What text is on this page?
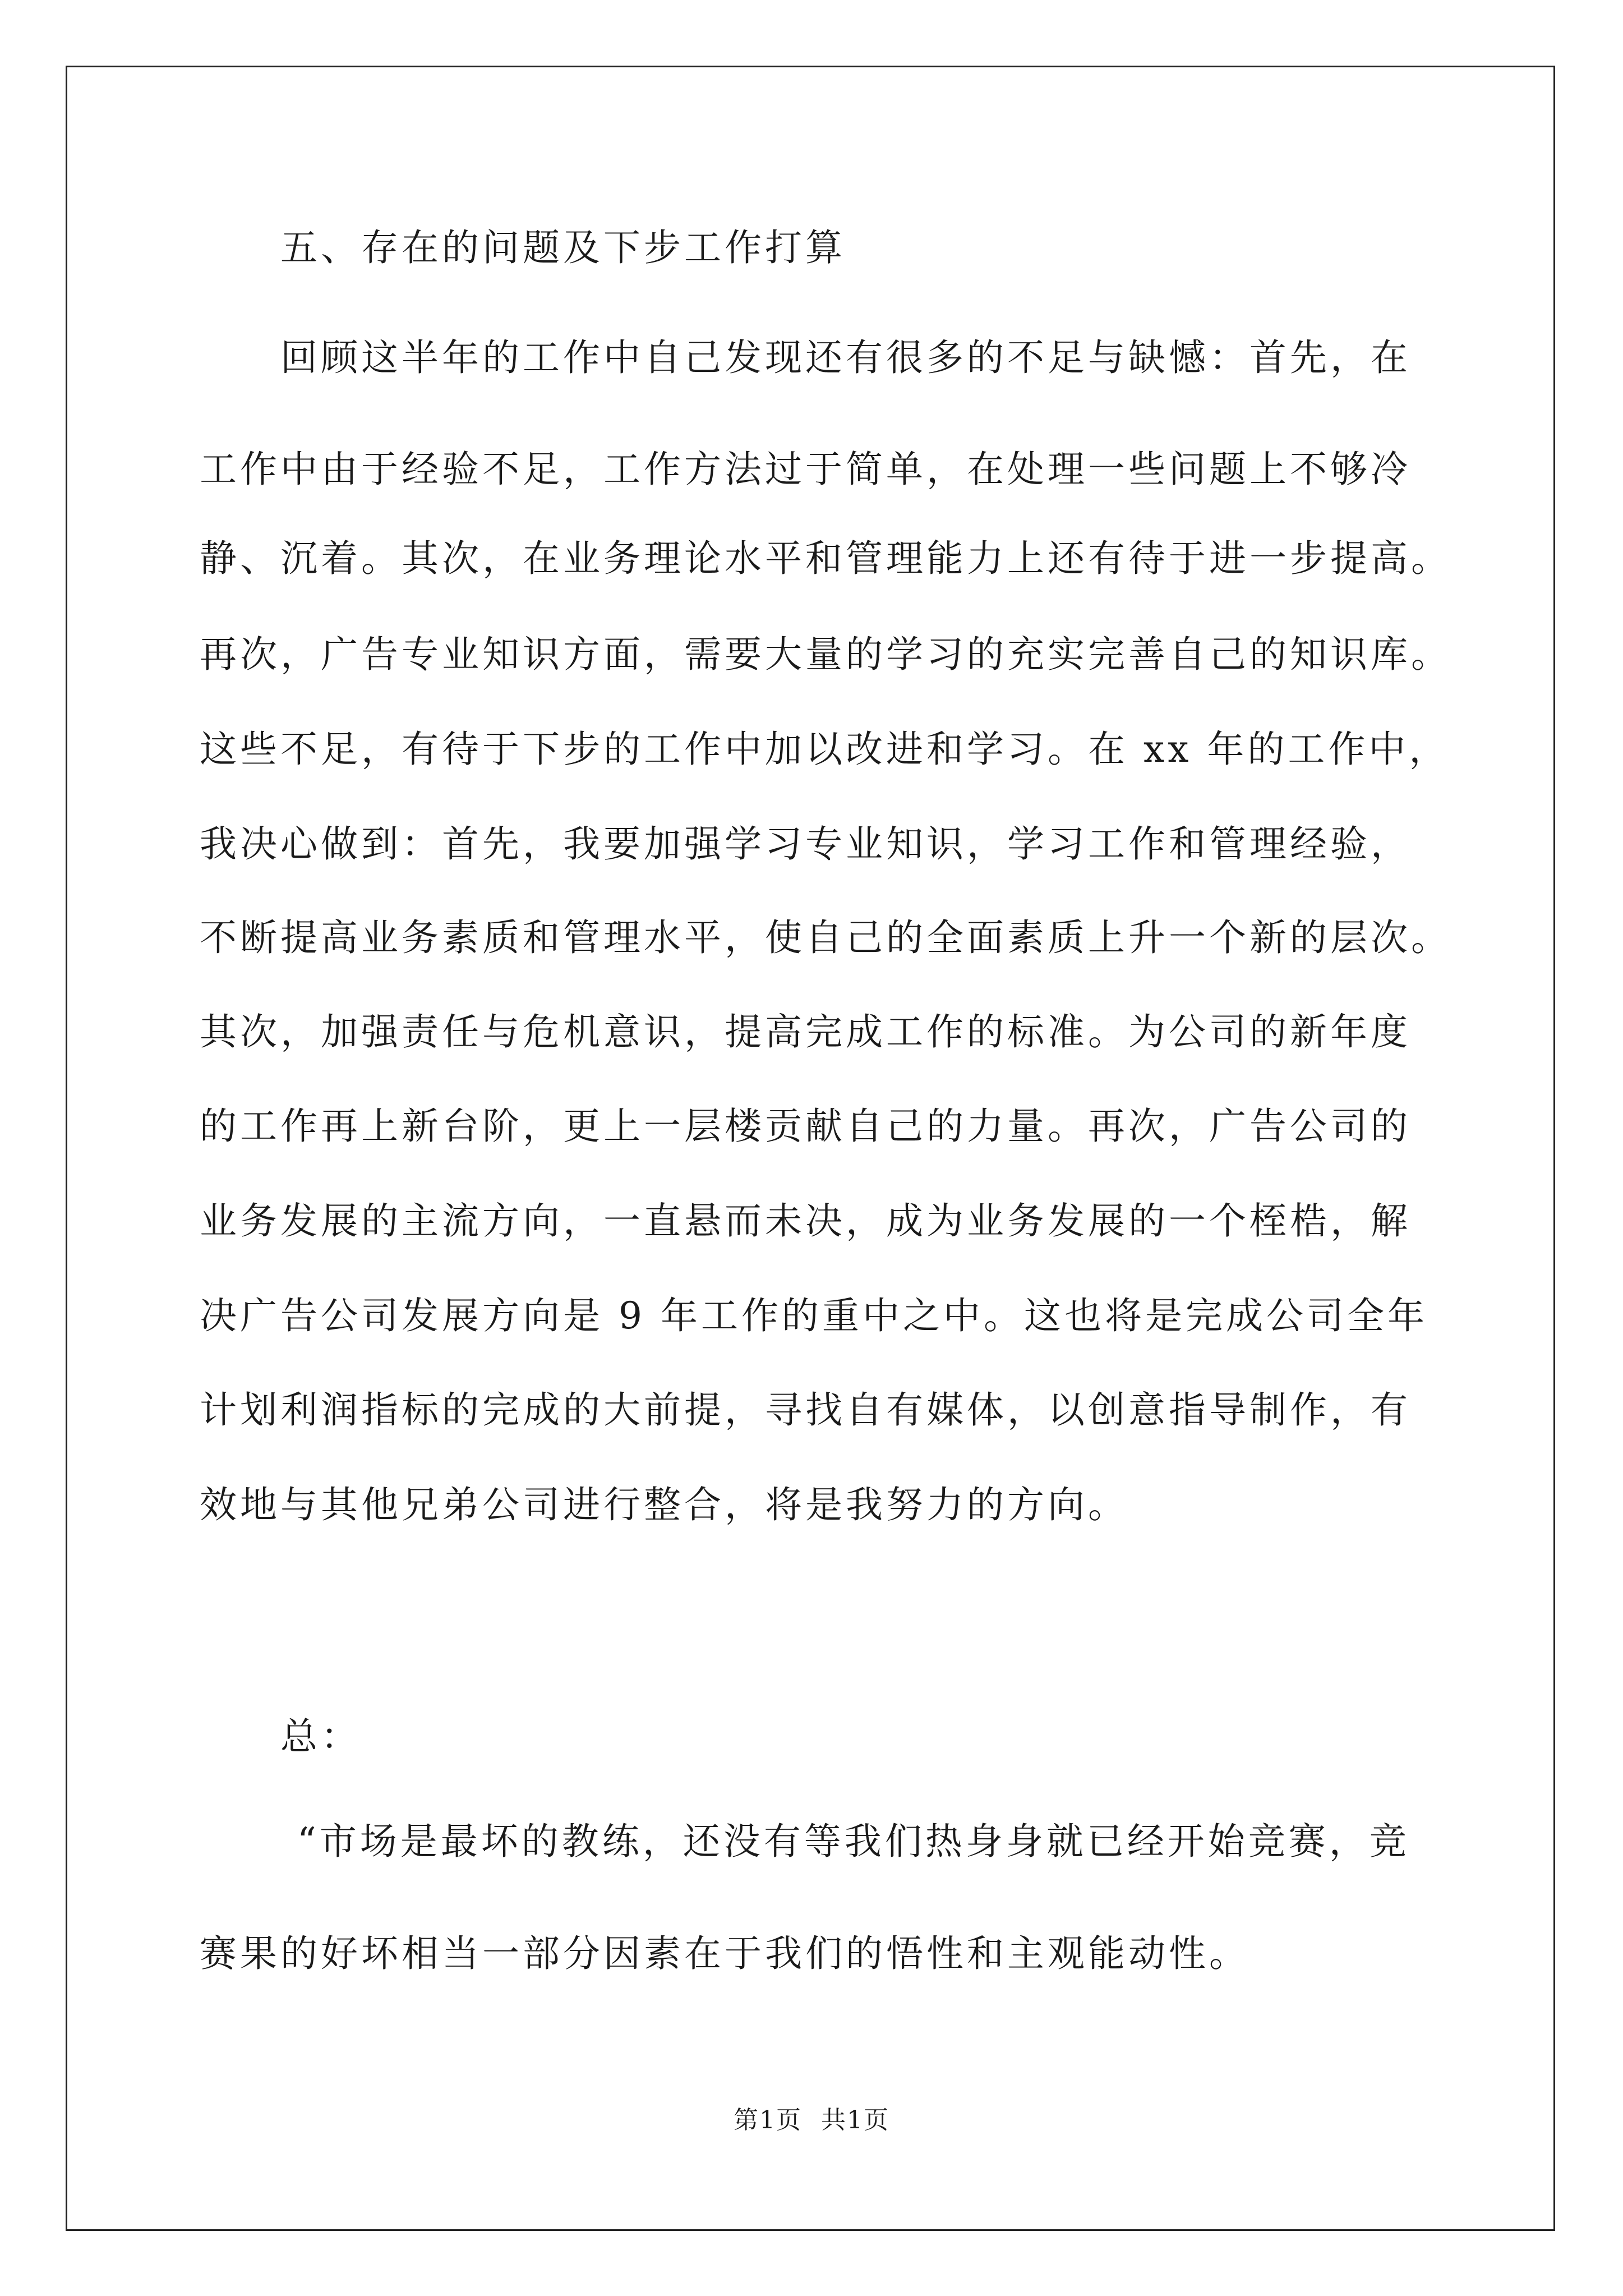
五、存在的问题及下步工作打算
回顾这半年的工作中自己发现还有很多的不足与缺憾：首先，在
工作中由于经验不足，工作方法过于简单，在处理一些问题上不够冷
静、沉着。其次，在业务理论水平和管理能力上还有待于进一步提高。
再次，广告专业知识方面，需要大量的学习的充实完善自己的知识库。
这些不足，有待于下步的工作中加以改进和学习。在 xx 年的工作中，
我决心做到：首先，我要加强学习专业知识，学习工作和管理经验，
不断提高业务素质和管理水平，使自己的全面素质上升一个新的层次。
其次，加强责任与危机意识，提高完成工作的标准。为公司的新年度
的工作再上新台阶，更上一层楼贡献自己的力量。再次，广告公司的
业务发展的主流方向，一直悬而未决，成为业务发展的一个桎梏，解
决广告公司发展方向是 9 年工作的重中之中。这也将是完成公司全年
计划利润指标的完成的大前提，寻找自有媒体，以创意指导制作，有
效地与其他兄弟公司进行整合，将是我努力的方向。
总：
“市场是最坏的教练，还没有等我们热身身就已经开始竞赛，竞
赛果的好坏相当一部分因素在于我们的悟性和主观能动性。
第1页 共1页
